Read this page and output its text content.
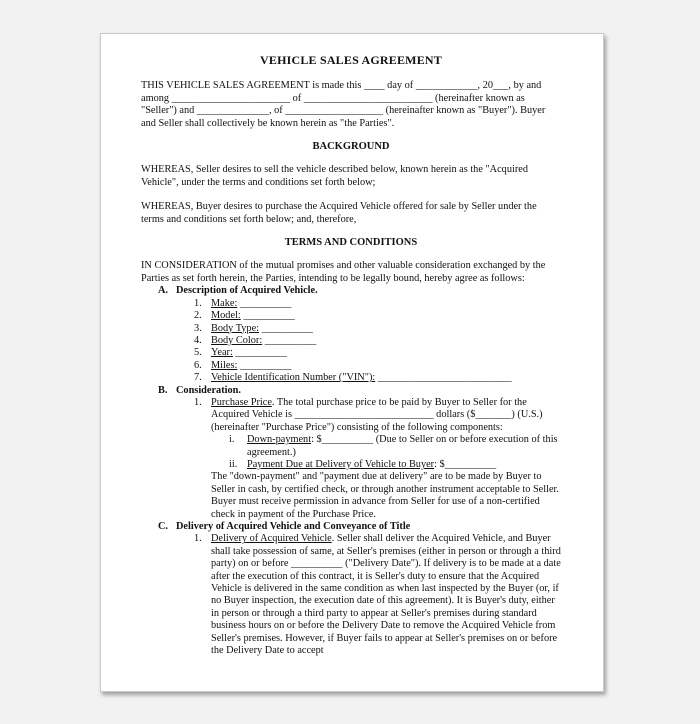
VEHICLE SALES AGREEMENT

THIS VEHICLE SALES AGREEMENT is made this ____ day of ____________, 20___, by and among _______________________ of _________________________ (hereinafter known as "Seller") and ______________, of ___________________ (hereinafter known as "Buyer"). Buyer and Seller shall collectively be known herein as "the Parties".

BACKGROUND

WHEREAS, Seller desires to sell the vehicle described below, known herein as the "Acquired Vehicle", under the terms and conditions set forth below;

WHEREAS, Buyer desires to purchase the Acquired Vehicle offered for sale by Seller under the terms and conditions set forth below; and, therefore,

TERMS AND CONDITIONS

IN CONSIDERATION of the mutual promises and other valuable consideration exchanged by the Parties as set forth herein, the Parties, intending to be legally bound, hereby agree as follows:

A. Description of Acquired Vehicle.
1. Make: __________
2. Model: __________
3. Body Type: __________
4. Body Color: __________
5. Year: __________
6. Miles: __________
7. Vehicle Identification Number ("VIN"): __________________________
B. Consideration.
1. Purchase Price. The total purchase price to be paid by Buyer to Seller for the Acquired Vehicle is ___________________________ dollars ($_______) (U.S.) (hereinafter "Purchase Price") consisting of the following components:
i. Down-payment: $__________ (Due to Seller on or before execution of this agreement.)
ii. Payment Due at Delivery of Vehicle to Buyer: $__________

The "down-payment" and "payment due at delivery" are to be made by Buyer to Seller in cash, by certified check, or through another instrument acceptable to Seller. Buyer must receive permission in advance from Seller for use of a non-certified check in payment of the Purchase Price.

C. Delivery of Acquired Vehicle and Conveyance of Title
1. Delivery of Acquired Vehicle. Seller shall deliver the Acquired Vehicle, and Buyer shall take possession of same, at Seller's premises (either in person or through a third party) on or before __________ ("Delivery Date"). If delivery is to be made at a date after the execution of this contract, it is Seller's duty to ensure that the Acquired Vehicle is delivered in the same condition as when last inspected by the Buyer (or, if no Buyer inspection, the execution date of this agreement). It is Buyer's duty, either in person or through a third party to appear at Seller's premises during standard business hours on or before the Delivery Date to remove the Acquired Vehicle from Seller's premises. However, if Buyer fails to appear at Seller's premises on or before the Delivery Date to accept
